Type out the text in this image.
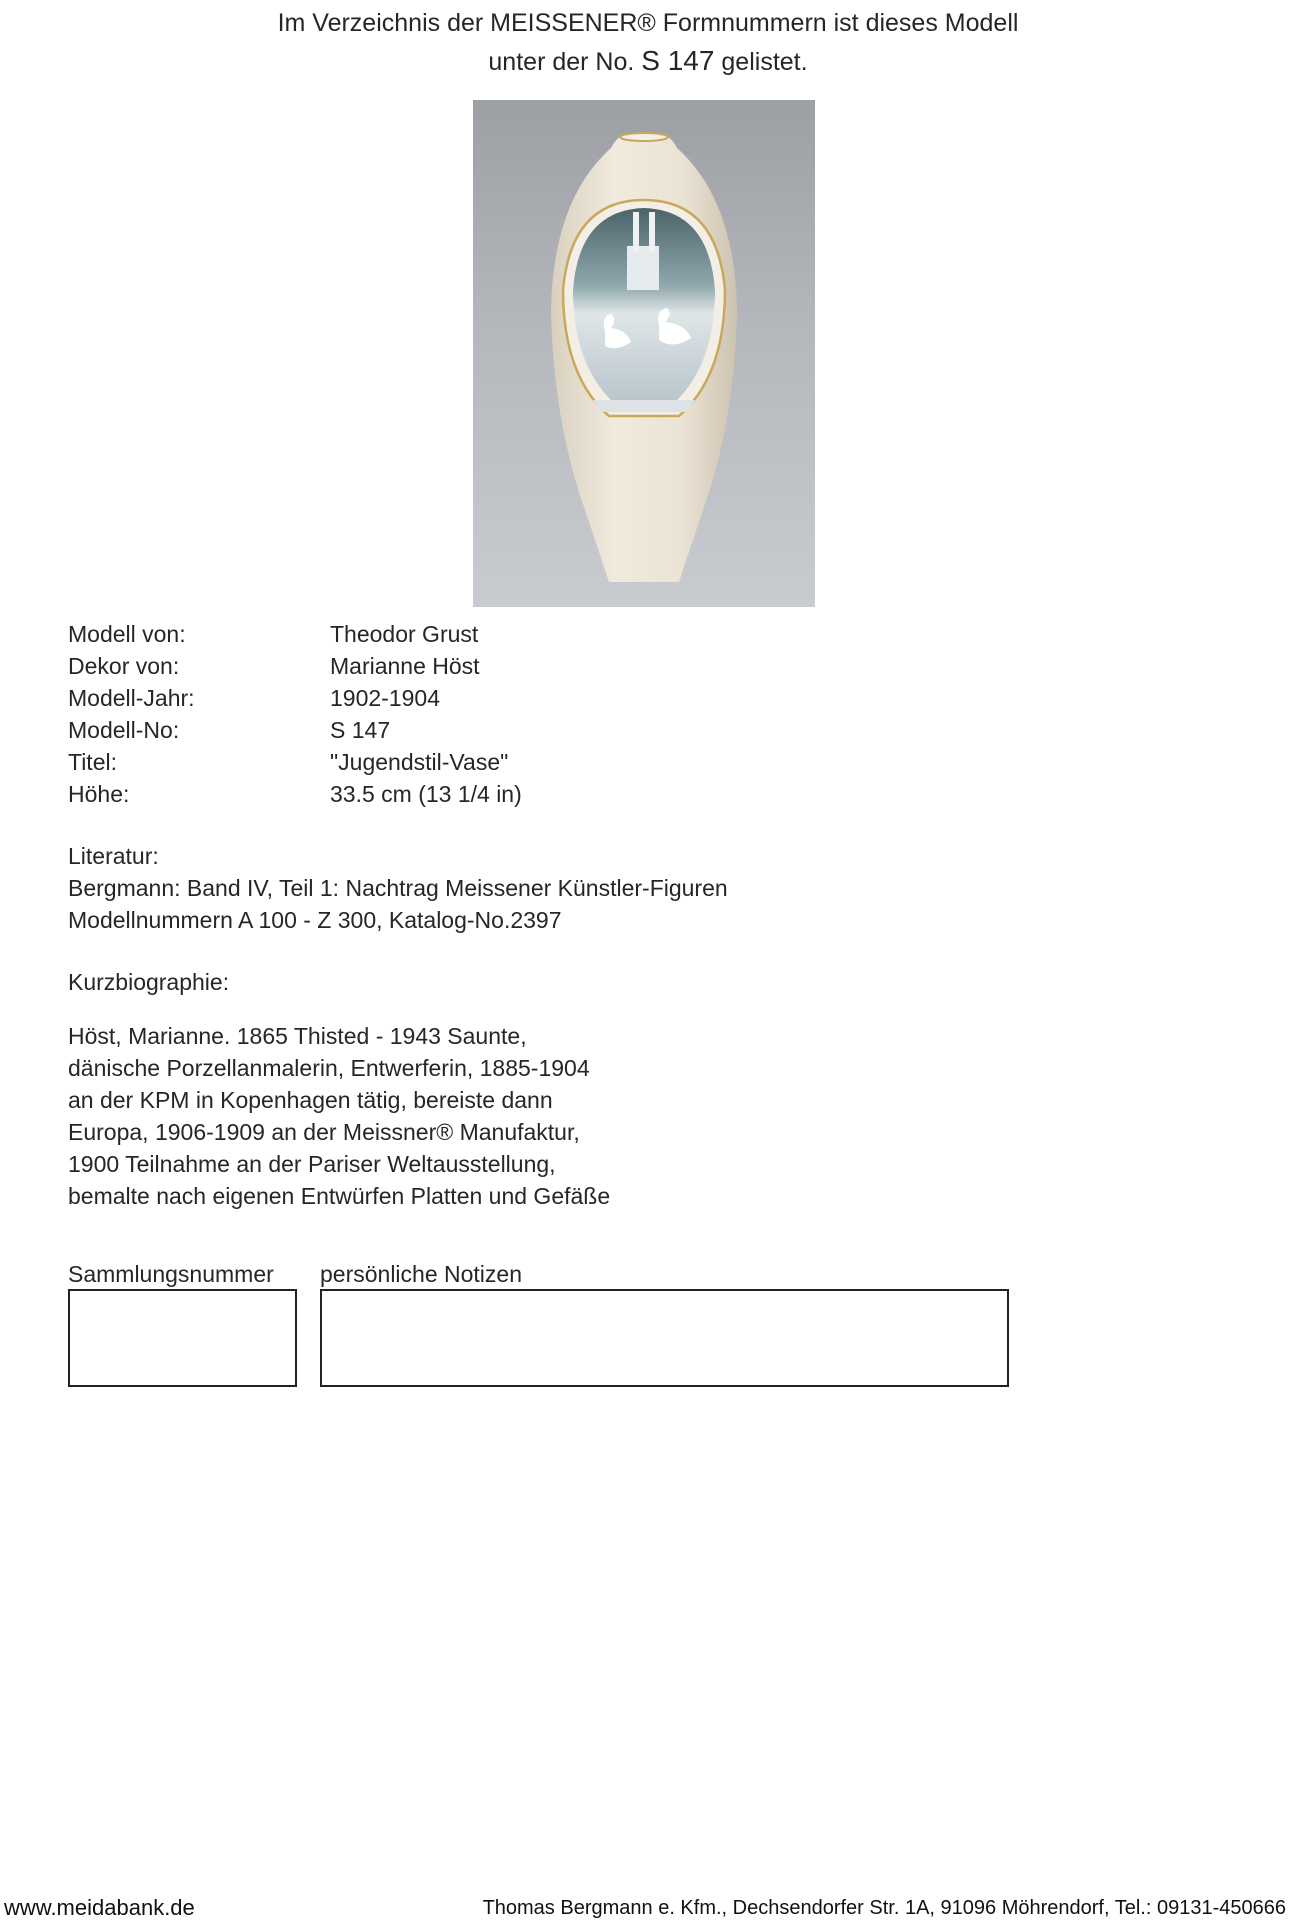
Im Verzeichnis der MEISSENER® Formnummern ist dieses Modell
unter der No. S 147 gelistet.
Modell von:	Theodor Grust
Dekor von:	Marianne Höst
Modell-Jahr:	1902-1904
Modell-No:	S 147
Titel:	"Jugendstil-Vase"
Höhe:	33.5 cm (13 1/4 in)
Literatur:
Bergmann: Band IV, Teil 1: Nachtrag Meissener Künstler-Figuren
Modellnummern A 100 - Z 300, Katalog-No.2397
Kurzbiographie:
Höst, Marianne. 1865 Thisted - 1943 Saunte,
dänische Porzellanmalerin, Entwerferin, 1885-1904
an der KPM in Kopenhagen tätig, bereiste dann
Europa, 1906-1909 an der Meissner® Manufaktur,
1900 Teilnahme an der Pariser Weltausstellung,
bemalte nach eigenen Entwürfen Platten und Gefäße
Sammlungsnummer persönliche Notizen
www.meidabank.de	Thomas Bergmann e. Kfm., Dechsendorfer Str. 1A, 91096 Möhrendorf, Tel.: 09131-450666
